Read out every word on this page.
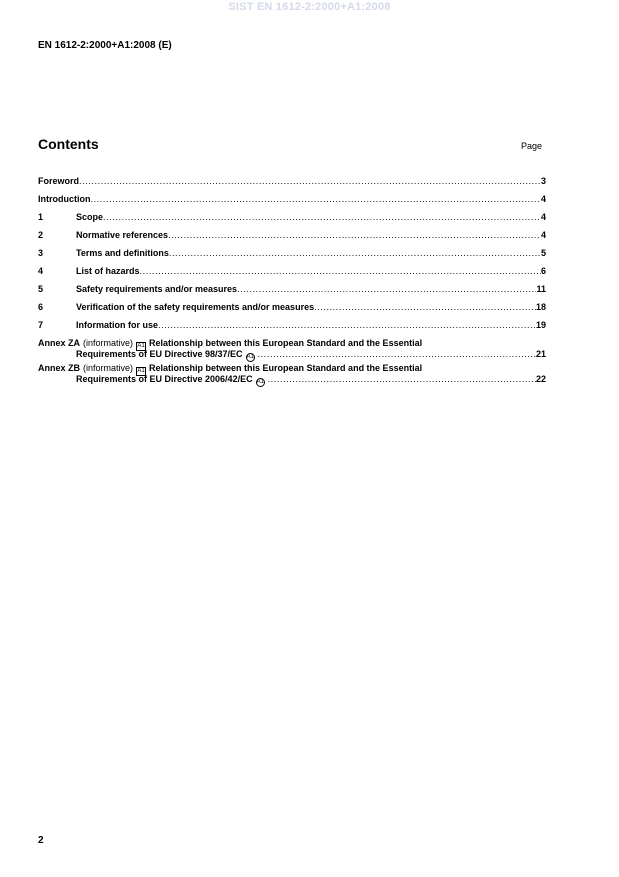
SIST EN 1612-2:2000+A1:2008
EN 1612-2:2000+A1:2008 (E)
Contents	Page
Foreword .....	3
Introduction .....	4
1	Scope .....	4
2	Normative references .....	4
3	Terms and definitions .....	5
4	List of hazards .....	6
5	Safety requirements and/or measures .....	11
6	Verification of the safety requirements and/or measures .....	18
7	Information for use .....	19
Annex ZA (informative) A1 Relationship between this European Standard and the Essential
Requirements of EU Directive 98/37/EC A1 .....	21
Annex ZB (informative) A1 Relationship between this European Standard and the Essential
Requirements of EU Directive 2006/42/EC A1 .....	22
2
